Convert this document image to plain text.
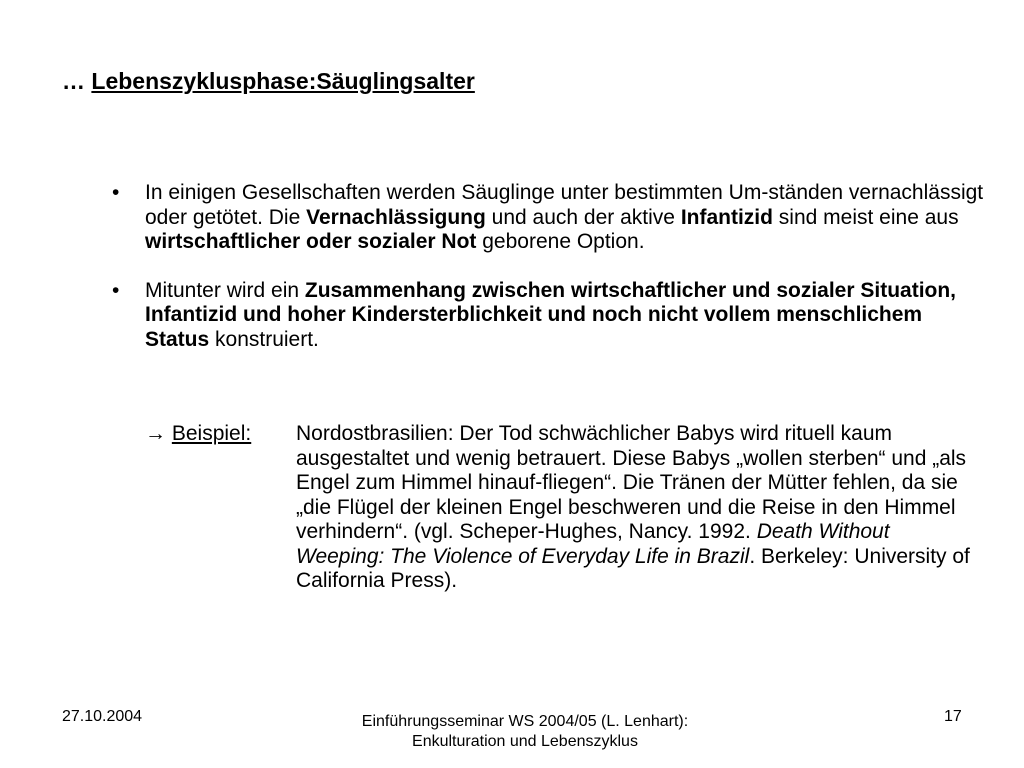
… Lebenszyklusphase:Säuglingsalter
• In einigen Gesellschaften werden Säuglinge unter bestimmten Um-ständen vernachlässigt oder getötet. Die Vernachlässigung und auch der aktive Infantizid sind meist eine aus wirtschaftlicher oder sozialer Not geborene Option.
• Mitunter wird ein Zusammenhang zwischen wirtschaftlicher und sozialer Situation, Infantizid und hoher Kindersterblichkeit und noch nicht vollem menschlichem Status konstruiert.
→ Beispiel: Nordostbrasilien: Der Tod schwächlicher Babys wird rituell kaum ausgestaltet und wenig betrauert. Diese Babys „wollen sterben“ und „als Engel zum Himmel hinauf-fliegen“. Die Tränen der Mütter fehlen, da sie „die Flügel der kleinen Engel beschweren und die Reise in den Himmel verhindern“. (vgl. Scheper-Hughes, Nancy. 1992. Death Without Weeping: The Violence of Everyday Life in Brazil. Berkeley: University of California Press).
27.10.2004	Einführungsseminar WS 2004/05 (L. Lenhart):
Enkulturation und Lebenszyklus
17
